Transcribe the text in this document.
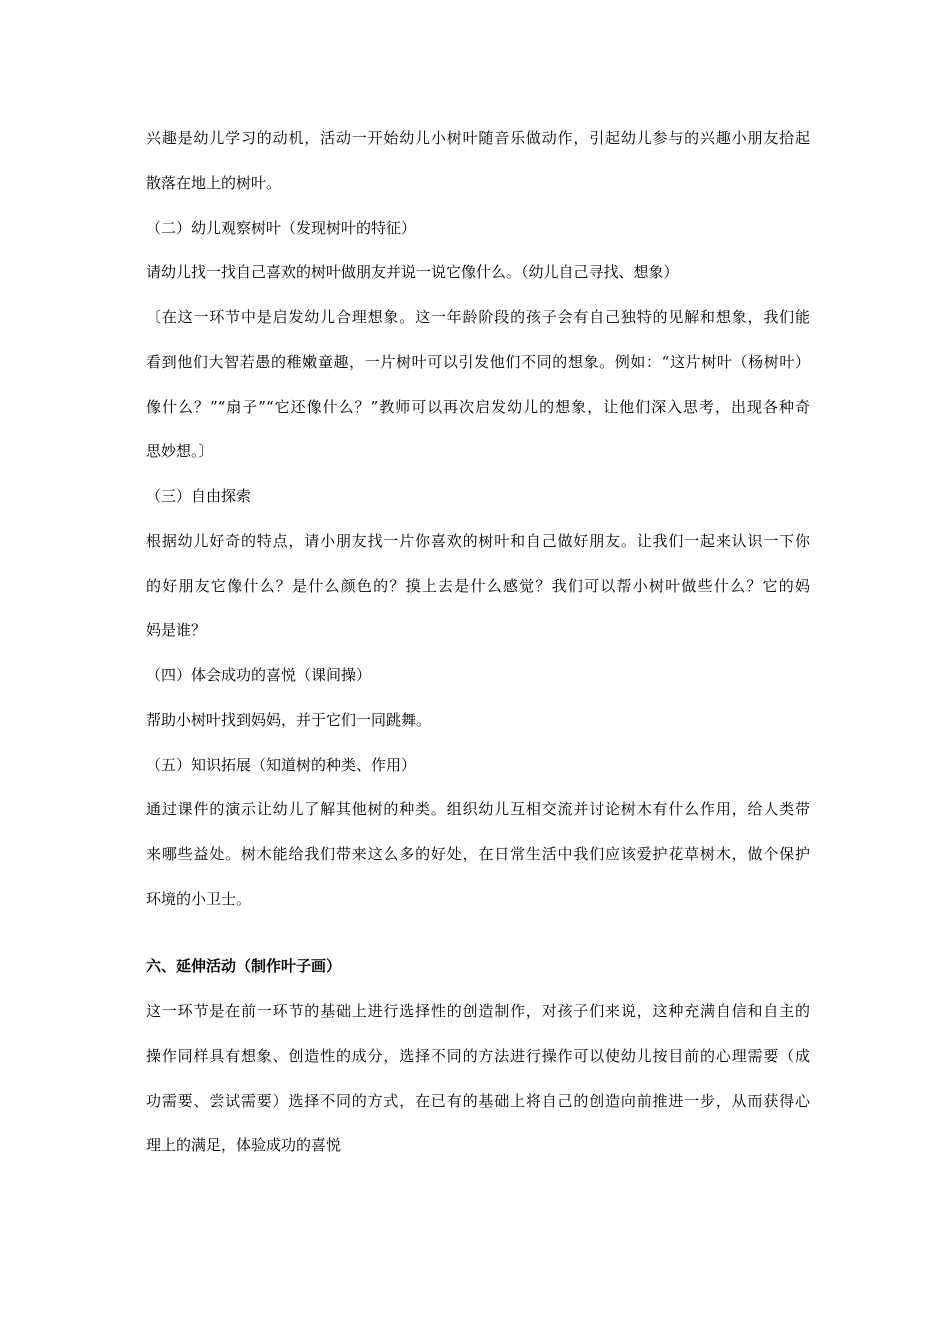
兴趣是幼儿学习的动机，活动一开始幼儿小树叶随音乐做动作，引起幼儿参与的兴趣小朋友拾起
散落在地上的树叶。
（二）幼儿观察树叶（发现树叶的特征）
请幼儿找一找自己喜欢的树叶做朋友并说一说它像什么。（幼儿自己寻找、想象）
〔在这一环节中是启发幼儿合理想象。这一年龄阶段的孩子会有自己独特的见解和想象，我们能
看到他们大智若愚的稚嫩童趣，一片树叶可以引发他们不同的想象。例如：“这片树叶（杨树叶）
像什么？”“扇子”“它还像什么？”教师可以再次启发幼儿的想象，让他们深入思考，出现各种奇
思妙想。〕
（三）自由探索
根据幼儿好奇的特点，请小朋友找一片你喜欢的树叶和自己做好朋友。让我们一起来认识一下你
的好朋友它像什么？是什么颜色的？摸上去是什么感觉？我们可以帮小树叶做些什么？它的妈
妈是谁？
（四）体会成功的喜悦（课间操）
帮助小树叶找到妈妈，并于它们一同跳舞。
（五）知识拓展（知道树的种类、作用）
通过课件的演示让幼儿了解其他树的种类。组织幼儿互相交流并讨论树木有什么作用，给人类带
来哪些益处。树木能给我们带来这么多的好处，在日常生活中我们应该爱护花草树木，做个保护
环境的小卫士。
六、延伸活动（制作叶子画）
这一环节是在前一环节的基础上进行选择性的创造制作，对孩子们来说，这种充满自信和自主的
操作同样具有想象、创造性的成分，选择不同的方法进行操作可以使幼儿按目前的心理需要（成
功需要、尝试需要）选择不同的方式，在已有的基础上将自己的创造向前推进一步，从而获得心
理上的满足，体验成功的喜悦
